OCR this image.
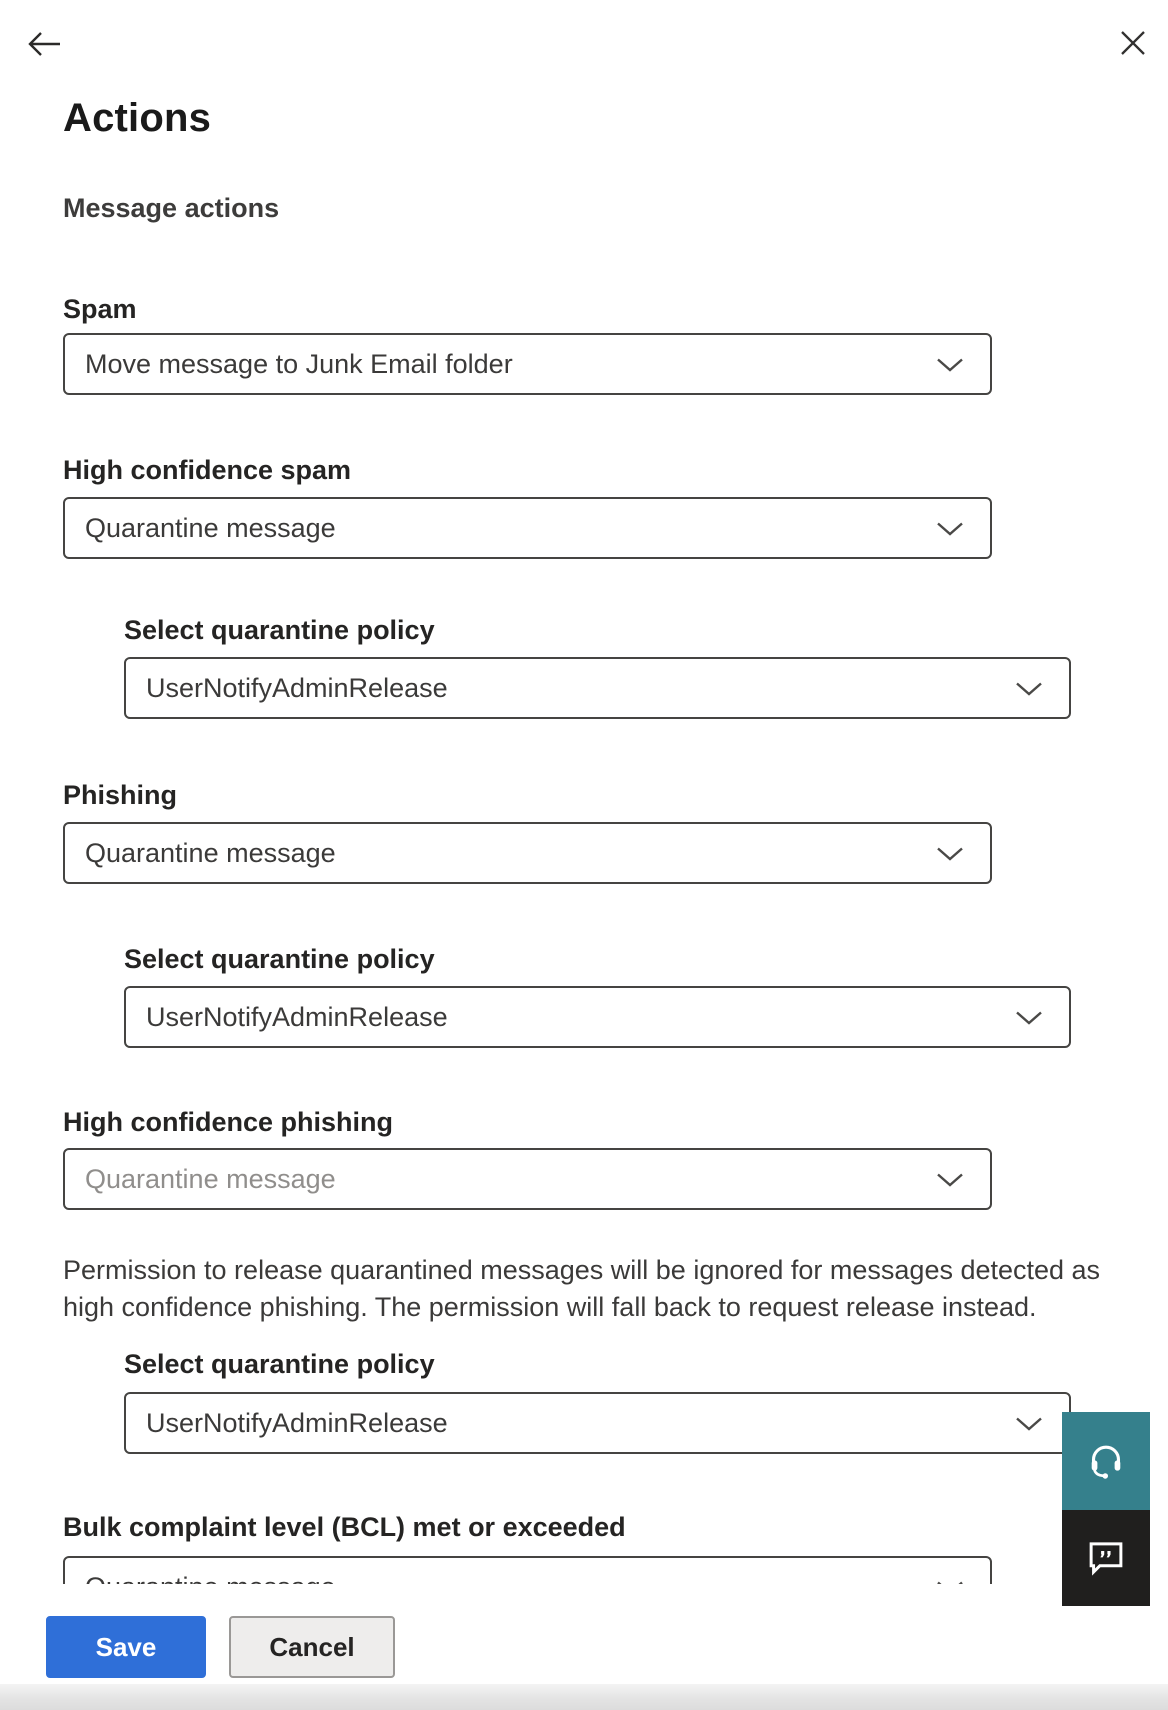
Actions
Message actions
Spam
Move message to Junk Email folder
High confidence spam
Quarantine message
Select quarantine policy
UserNotifyAdminRelease
Phishing
Quarantine message
Select quarantine policy
UserNotifyAdminRelease
High confidence phishing
Quarantine message

Permission to release quarantined messages will be ignored for messages detected as high confidence phishing. The permission will fall back to request release instead.

Select quarantine policy
UserNotifyAdminRelease
Bulk complaint level (BCL) met or exceeded
Save	Cancel
